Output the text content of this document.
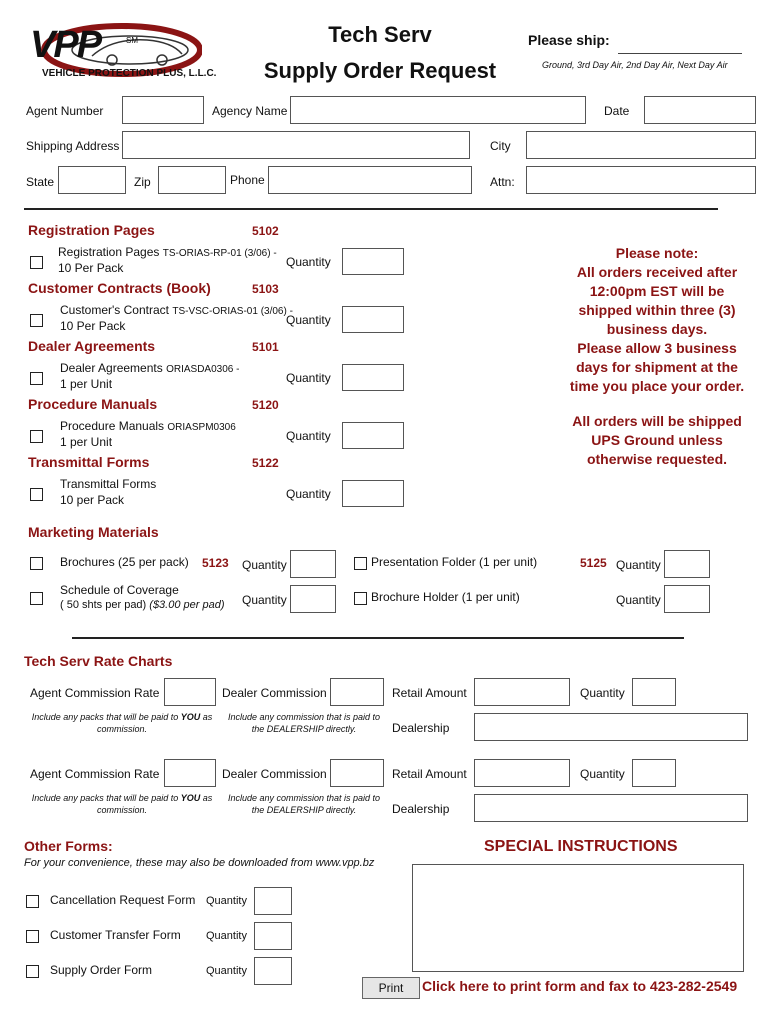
VPP	SM
VEHICLE PROTECTION PLUS, L.L.C.
Tech Serv
Supply Order Request
Please ship:
Ground, 3rd Day Air, 2nd Day Air, Next Day Air
Agent Number	Agency Name	Date
Shipping Address	City
State	Zip	Phone	Attn:
Registration Pages	5102
Registration Pages TS-ORIAS-RP-01 (3/06) -
10 Per Pack	Quantity
Customer Contracts (Book)	5103
Customer's Contract TS-VSC-ORIAS-01 (3/06) -
10 Per Pack	Quantity
Dealer Agreements	5101
Dealer Agreements ORIASDA0306 -
1 per Unit	Quantity
Procedure Manuals	5120
Procedure Manuals ORIASPM0306
1 per Unit	Quantity
Transmittal Forms	5122
Transmittal Forms
10 per Pack	Quantity
Please note:
All orders received after
12:00pm EST will be
shipped within three (3)
business days.
Please allow 3 business
days for shipment at the
time you place your order.
All orders will be shipped
UPS Ground unless
otherwise requested.
Marketing Materials
Brochures (25 per pack) 5123 Quantity
Schedule of Coverage
( 50 shts per pad) ($3.00 per pad) Quantity
Presentation Folder (1 per unit)	5125 Quantity
Brochure Holder (1 per unit)	Quantity
Tech Serv Rate Charts
Agent Commission Rate	Dealer Commission	Retail Amount	Quantity
Include any packs that will be paid to YOU as
commission.
Include any commission that is paid to
the DEALERSHIP directly.	Dealership
Agent Commission Rate	Dealer Commission	Retail Amount	Quantity
Include any packs that will be paid to YOU as
commission.
Include any commission that is paid to
the DEALERSHIP directly.	Dealership
Other Forms:
For your convenience, these may also be downloaded from www.vpp.bz
Cancellation Request Form Quantity
Customer Transfer Form Quantity
Supply Order Form	Quantity
SPECIAL INSTRUCTIONS
Print	Click here to print form and fax to 423-282-2549
